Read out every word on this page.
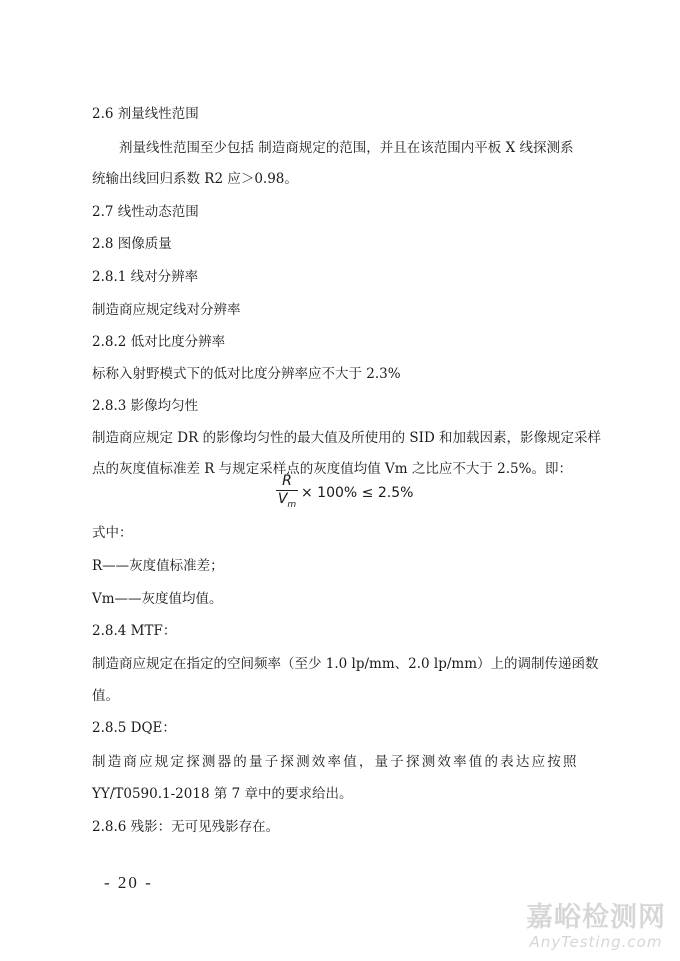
2.6 剂量线性范围
剂量线性范围至少包括 制造商规定的范围，并且在该范围内平板 X 线探测系
统输出线回归系数 R2 应＞0.98。
2.7 线性动态范围
2.8 图像质量
2.8.1 线对分辨率
制造商应规定线对分辨率
2.8.2 低对比度分辨率
标称入射野模式下的低对比度分辨率应不大于 2.3%
2.8.3 影像均匀性
制造商应规定 DR 的影像均匀性的最大值及所使用的 SID 和加载因素，影像规定采样
点的灰度值标准差 R 与规定采样点的灰度值均值 Vm 之比应不大于 2.5%。即：
$\frac{R}{V_m} \times 100\% \le 2.5\%$
式中：
R——灰度值标准差；
Vm——灰度值均值。
2.8.4 MTF：
制造商应规定在指定的空间频率（至少 1.0 lp/mm、2.0 lp/mm）上的调制传递函数
值。
2.8.5 DQE：
制造商应规定探测器的量子探测效率值，量子探测效率值的表达应按照
YY/T0590.1-2018 第 7 章中的要求给出。
2.8.6 残影：无可见残影存在。
- 20 -
嘉峪检测网
AnyTesting.com
